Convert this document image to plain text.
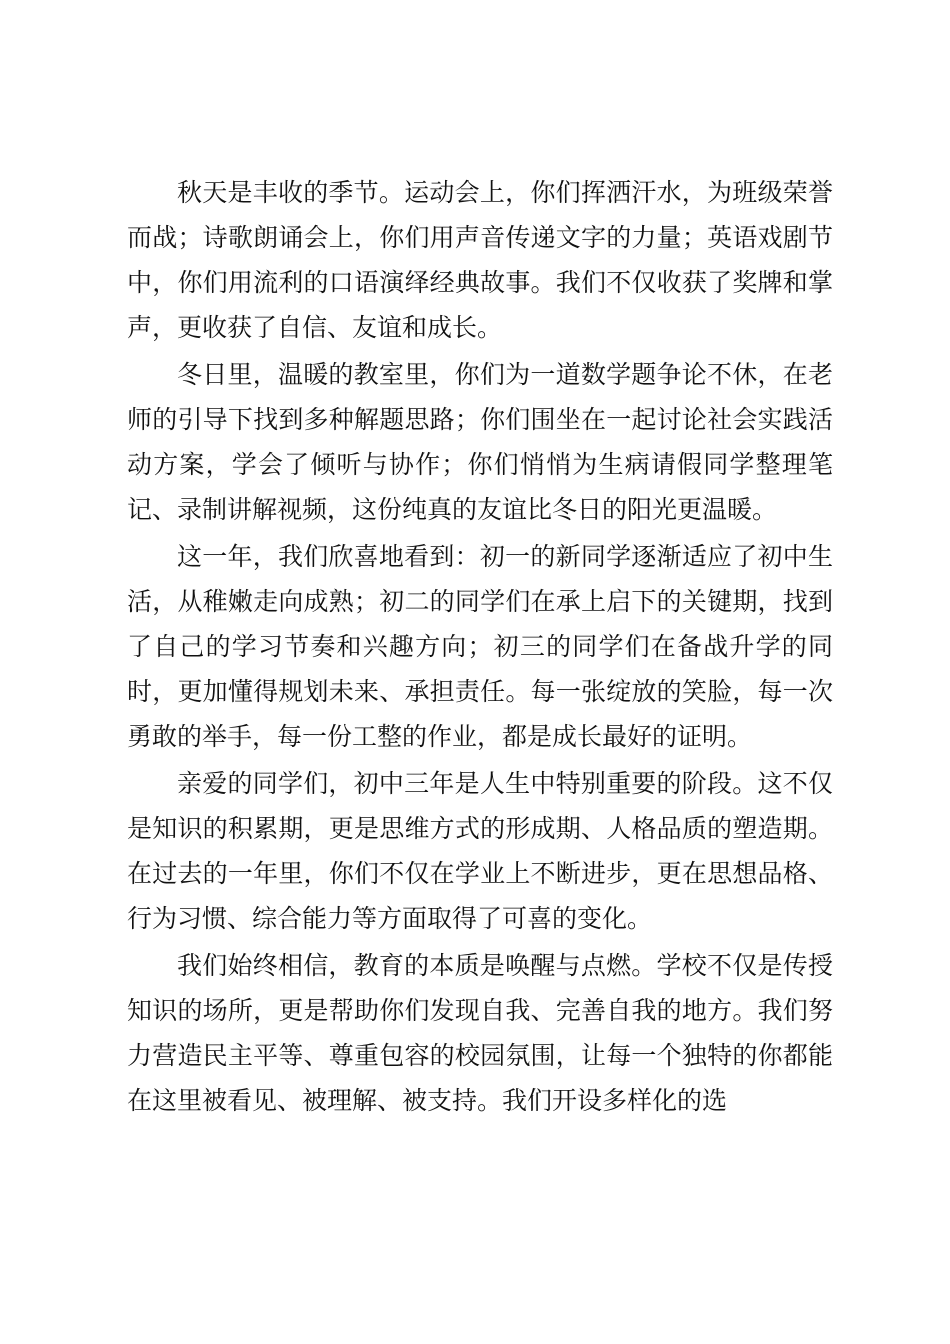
秋天是丰收的季节。运动会上，你们挥洒汗水，为班级荣誉而战；诗歌朗诵会上，你们用声音传递文字的力量；英语戏剧节中，你们用流利的口语演绎经典故事。我们不仅收获了奖牌和掌声，更收获了自信、友谊和成长。

冬日里，温暖的教室里，你们为一道数学题争论不休，在老师的引导下找到多种解题思路；你们围坐在一起讨论社会实践活动方案，学会了倾听与协作；你们悄悄为生病请假同学整理笔记、录制讲解视频，这份纯真的友谊比冬日的阳光更温暖。

这一年，我们欣喜地看到：初一的新同学逐渐适应了初中生活，从稚嫩走向成熟；初二的同学们在承上启下的关键期，找到了自己的学习节奏和兴趣方向；初三的同学们在备战升学的同时，更加懂得规划未来、承担责任。每一张绽放的笑脸，每一次勇敢的举手，每一份工整的作业，都是成长最好的证明。

亲爱的同学们，初中三年是人生中特别重要的阶段。这不仅是知识的积累期，更是思维方式的形成期、人格品质的塑造期。在过去的一年里，你们不仅在学业上不断进步，更在思想品格、行为习惯、综合能力等方面取得了可喜的变化。

我们始终相信，教育的本质是唤醒与点燃。学校不仅是传授知识的场所，更是帮助你们发现自我、完善自我的地方。我们努力营造民主平等、尊重包容的校园氛围，让每一个独特的你都能在这里被看见、被理解、被支持。我们开设多样化的选
